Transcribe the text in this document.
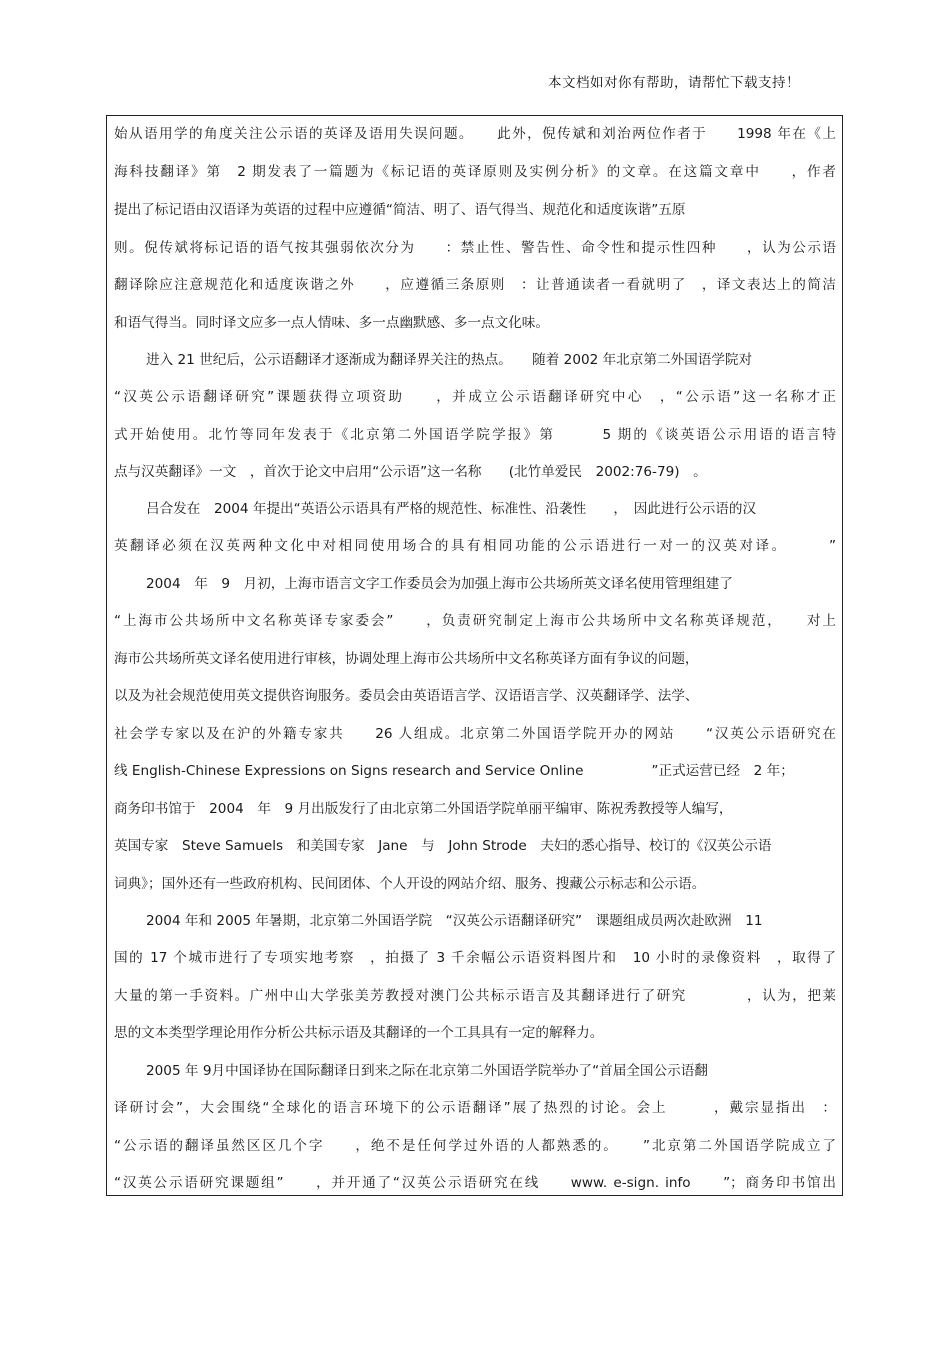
本文档如对你有帮助，请帮忙下载支持！
始从语用学的角度关注公示语的英译及语用失误问题。　　此外，倪传斌和刘治两位作者于　　1998 年在《上
海科技翻译》第　2 期发表了一篇题为《标记语的英译原则及实例分析》的文章。在这篇文章中　　，作者
提出了标记语由汉语译为英语的过程中应遵循“简洁、明了、语气得当、规范化和适度诙谐”五原
则。倪传斌将标记语的语气按其强弱依次分为　　：禁止性、警告性、命令性和提示性四种　　，认为公示语
翻译除应注意规范化和适度诙谐之外　　，应遵循三条原则　：让普通读者一看就明了　，译文表达上的简洁
和语气得当。同时译文应多一点人情味、多一点幽默感、多一点文化味。
进入 21 世纪后，公示语翻译才逐渐成为翻译界关注的热点。　　随着 2002 年北京第二外国语学院对
“汉英公示语翻译研究”课题获得立项资助　　，并成立公示语翻译研究中心　，“公示语”这一名称才正
式开始使用。北竹等同年发表于《北京第二外国语学院学报》第　　　5 期的《谈英语公示用语的语言特
点与汉英翻译》一文　，首次于论文中启用“公示语”这一名称　　(北竹单爱民　2002:76-79)　。
吕合发在　2004 年提出“英语公示语具有严格的规范性、标准性、沿袭性　　，　因此进行公示语的汉
英翻译必须在汉英两种文化中对相同使用场合的具有相同功能的公示语进行一对一的汉英对译。　　　”
2004　年　9　月初，上海市语言文字工作委员会为加强上海市公共场所英文译名使用管理组建了
“上海市公共场所中文名称英译专家委会”　　，负责研究制定上海市公共场所中文名称英译规范，　　对上
海市公共场所英文译名使用进行审核，协调处理上海市公共场所中文名称英译方面有争议的问题，
以及为社会规范使用英文提供咨询服务。委员会由英语语言学、汉语语言学、汉英翻译学、法学、
社会学专家以及在沪的外籍专家共　　26 人组成。北京第二外国语学院开办的网站　　“汉英公示语研究在
线 English-Chinese Expressions on Signs research and Service Online　　　　　”正式运营已经　2 年；
商务印书馆于　2004　年　9 月出版发行了由北京第二外国语学院单丽平编审、陈祝秀教授等人编写，
英国专家　Steve Samuels　和美国专家　Jane　与　John Strode　夫妇的悉心指导、校订的《汉英公示语
词典》；国外还有一些政府机构、民间团体、个人开设的网站介绍、服务、搜藏公示标志和公示语。
2004 年和 2005 年暑期，北京第二外国语学院　“汉英公示语翻译研究”　课题组成员两次赴欧洲　11
国的 17 个城市进行了专项实地考察　，拍摄了 3 千余幅公示语资料图片和　10 小时的录像资料　，取得了
大量的第一手资料。广州中山大学张美芳教授对澳门公共标示语言及其翻译进行了研究　　　　，认为，把莱
思的文本类型学理论用作分析公共标示语及其翻译的一个工具具有一定的解释力。
2005 年 9月中国译协在国际翻译日到来之际在北京第二外国语学院举办了“首届全国公示语翻
译研讨会”，大会围绕“全球化的语言环境下的公示语翻译”展了热烈的讨论。会上　　　，戴宗显指出　：
“公示语的翻译虽然区区几个字　　，绝不是任何学过外语的人都熟悉的。　　”北京第二外国语学院成立了
“汉英公示语研究课题组”　　，并开通了“汉英公示语研究在线　　www. e-sign. info　　”；商务印书馆出
